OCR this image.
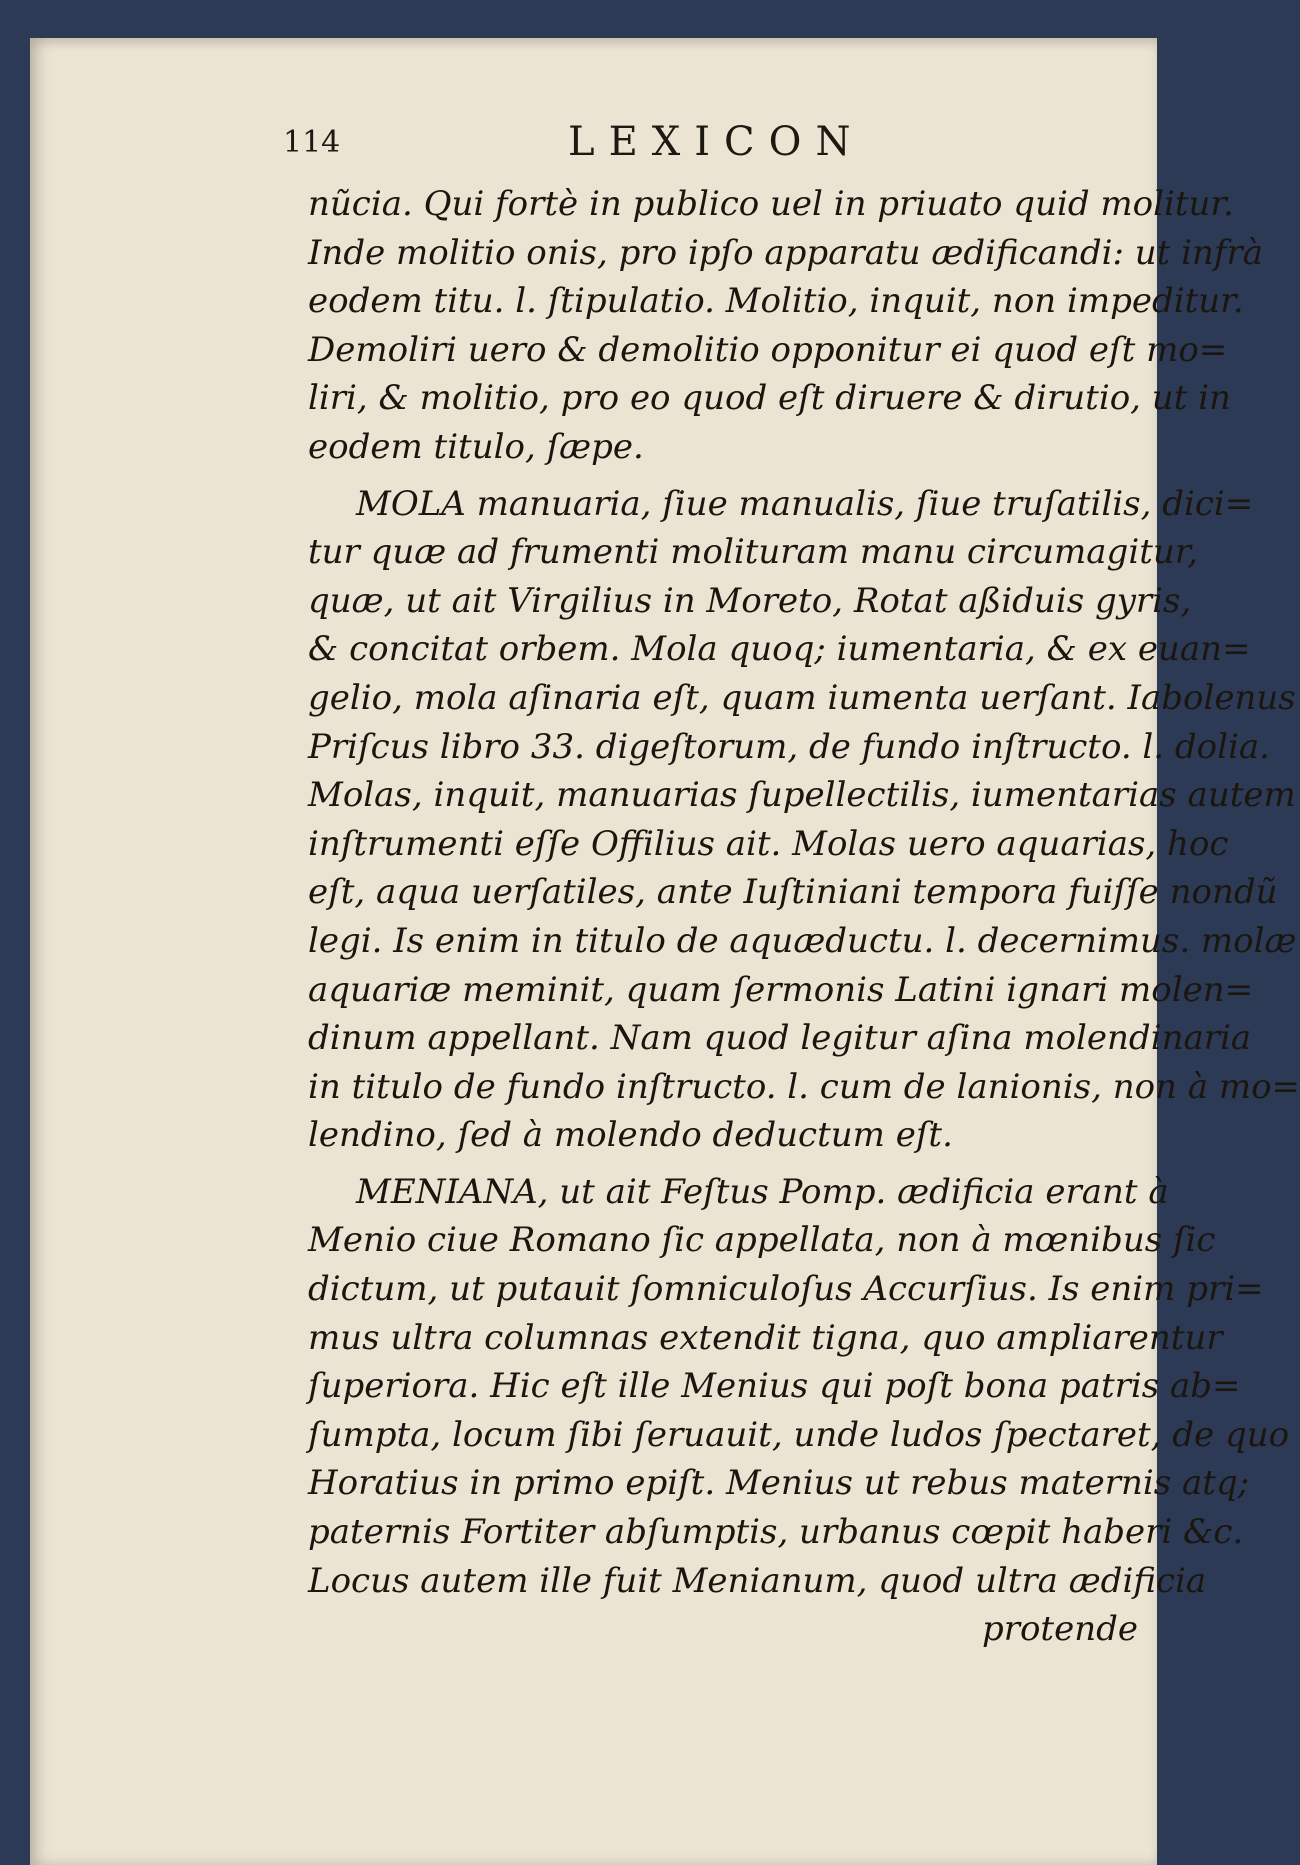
114	LEXICON
nũcia. Qui fortè in publico uel in priuato quid molitur.
Inde molitio onis, pro ipſo apparatu ædificandi: ut infrà
eodem titu. l. ſtipulatio. Molitio, inquit, non impeditur.
Demoliri uero & demolitio opponitur ei quod eſt mo=
liri, & molitio, pro eo quod eſt diruere & dirutio, ut in
eodem titulo, ſæpe.
MOLA manuaria, ſiue manualis, ſiue truſatilis, dici=
tur quæ ad frumenti molituram manu circumagitur,
quæ, ut ait Virgilius in Moreto, Rotat aßiduis gyris,
& concitat orbem. Mola quoq; iumentaria, & ex euan=
gelio, mola aſinaria eſt, quam iumenta uerſant. Iabolenus
Priſcus libro 33. digeſtorum, de fundo inſtructo. l. dolia.
Molas, inquit, manuarias ſupellectilis, iumentarias autem
inſtrumenti eſſe Offilius ait. Molas uero aquarias, hoc
eſt, aqua uerſatiles, ante Iuſtiniani tempora fuiſſe nondũ
legi. Is enim in titulo de aquæductu. l. decernimus. molæ
aquariæ meminit, quam ſermonis Latini ignari molen=
dinum appellant. Nam quod legitur aſina molendinaria
in titulo de fundo inſtructo. l. cum de lanionis, non à mo=
lendino, ſed à molendo deductum eſt.
MENIANA, ut ait Feſtus Pomp. ædificia erant à
Menio ciue Romano ſic appellata, non à mœnibus ſic
dictum, ut putauit ſomniculoſus Accurſius. Is enim pri=
mus ultra columnas extendit tigna, quo ampliarentur
ſuperiora. Hic eſt ille Menius qui poſt bona patris ab=
ſumpta, locum ſibi ſeruauit, unde ludos ſpectaret, de quo
Horatius in primo epiſt. Menius ut rebus maternis atq;
paternis Fortiter abſumptis, urbanus cœpit haberi &c.
Locus autem ille fuit Menianum, quod ultra ædificia
protende
